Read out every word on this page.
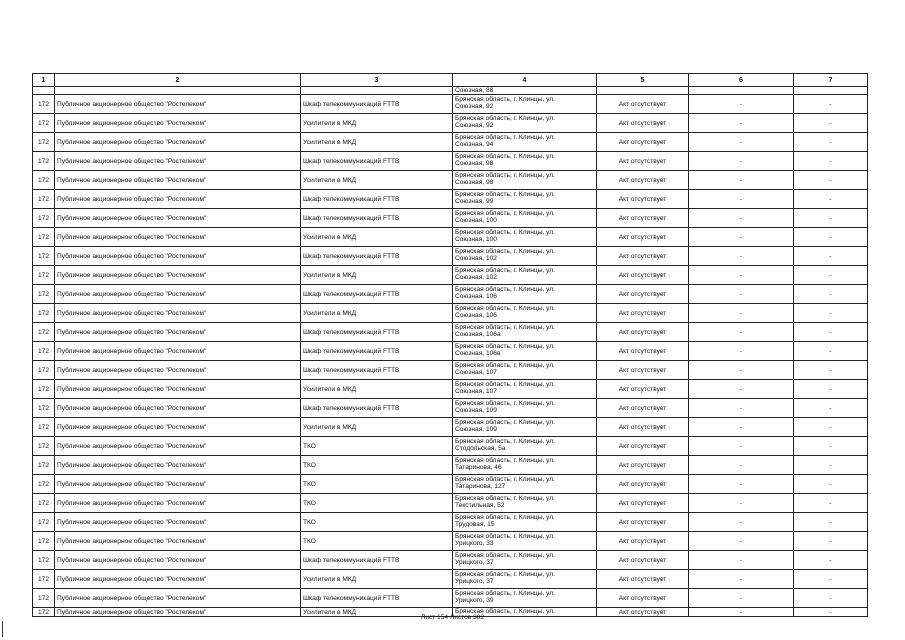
1	2	3	4	5	6	7
			Союзная, 88			
172	Публичное акционерное общество "Ростелеком"	Шкаф телекоммуникаций FTTB	Брянская область, г. Клинцы, ул.
Союзная, 92	Акт отсутствует	-	-
172	Публичное акционерное общество "Ростелеком"	Усилители в МКД	Брянская область, г. Клинцы, ул.
Союзная, 92	Акт отсутствует	-	-
172	Публичное акционерное общество "Ростелеком"	Усилители в МКД	Брянская область, г. Клинцы, ул.
Союзная, 94	Акт отсутствует	-	-
172	Публичное акционерное общество "Ростелеком"	Шкаф телекоммуникаций FTTB	Брянская область, г. Клинцы, ул.
Союзная, 98	Акт отсутствует	-	-
172	Публичное акционерное общество "Ростелеком"	Усилители в МКД	Брянская область, г. Клинцы, ул.
Союзная, 98	Акт отсутствует	-	-
172	Публичное акционерное общество "Ростелеком"	Шкаф телекоммуникаций FTTB	Брянская область, г. Клинцы, ул.
Союзная, 99	Акт отсутствует	-	-
172	Публичное акционерное общество "Ростелеком"	Шкаф телекоммуникаций FTTB	Брянская область, г. Клинцы, ул.
Союзная, 100	Акт отсутствует	-	-
172	Публичное акционерное общество "Ростелеком"	Усилители в МКД	Брянская область, г. Клинцы, ул.
Союзная, 100	Акт отсутствует	-	-
172	Публичное акционерное общество "Ростелеком"	Шкаф телекоммуникаций FTTB	Брянская область, г. Клинцы, ул.
Союзная, 102	Акт отсутствует	-	-
172	Публичное акционерное общество "Ростелеком"	Усилители в МКД	Брянская область, г. Клинцы, ул.
Союзная, 102	Акт отсутствует	-	-
172	Публичное акционерное общество "Ростелеком"	Шкаф телекоммуникаций FTTB	Брянская область, г. Клинцы, ул.
Союзная, 106	Акт отсутствует	-	-
172	Публичное акционерное общество "Ростелеком"	Усилители в МКД	Брянская область, г. Клинцы, ул.
Союзная, 106	Акт отсутствует	-	-
172	Публичное акционерное общество "Ростелеком"	Шкаф телекоммуникаций FTTB	Брянская область, г. Клинцы, ул.
Союзная, 106а	Акт отсутствует	-	-
172	Публичное акционерное общество "Ростелеком"	Шкаф телекоммуникаций FTTB	Брянская область, г. Клинцы, ул.
Союзная, 106в	Акт отсутствует	-	-
172	Публичное акционерное общество "Ростелеком"	Шкаф телекоммуникаций FTTB	Брянская область, г. Клинцы, ул.
Союзная, 107	Акт отсутствует	-	-
172	Публичное акционерное общество "Ростелеком"	Усилители в МКД	Брянская область, г. Клинцы, ул.
Союзная, 107	Акт отсутствует	-	-
172	Публичное акционерное общество "Ростелеком"	Шкаф телекоммуникаций FTTB	Брянская область, г. Клинцы, ул.
Союзная, 109	Акт отсутствует	-	-
172	Публичное акционерное общество "Ростелеком"	Усилители в МКД	Брянская область, г. Клинцы, ул.
Союзная, 109	Акт отсутствует	-	-
172	Публичное акционерное общество "Ростелеком"	ТКО	Брянская область, г. Клинцы, ул.
Стодольская, 5а	Акт отсутствует	-	-
172	Публичное акционерное общество "Ростелеком"	ТКО	Брянская область, г. Клинцы, ул.
Татаринова, 46	Акт отсутствует	-	-
172	Публичное акционерное общество "Ростелеком"	ТКО	Брянская область, г. Клинцы, ул.
Татаринова, 127	Акт отсутствует	-	-
172	Публичное акционерное общество "Ростелеком"	ТКО	Брянская область, г. Клинцы, ул.
Текстильная, 52	Акт отсутствует	-	-
172	Публичное акционерное общество "Ростелеком"	ТКО	Брянская область, г. Клинцы, ул.
Трудовая, 15	Акт отсутствует	-	-
172	Публичное акционерное общество "Ростелеком"	ТКО	Брянская область, г. Клинцы, ул.
Урицкого, 33	Акт отсутствует	-	-
172	Публичное акционерное общество "Ростелеком"	Шкаф телекоммуникаций FTTB	Брянская область, г. Клинцы, ул.
Урицкого, 37	Акт отсутствует	-	-
172	Публичное акционерное общество "Ростелеком"	Усилители в МКД	Брянская область, г. Клинцы, ул.
Урицкого, 37	Акт отсутствует	-	-
172	Публичное акционерное общество "Ростелеком"	Шкаф телекоммуникаций FTTB	Брянская область, г. Клинцы, ул.
Урицкого, 39	Акт отсутствует	-	-
172	Публичное акционерное общество "Ростелеком"	Усилители в МКД	Брянская область, г. Клинцы, ул.	Акт отсутствует	-	-
Лист 154 Листов 302
